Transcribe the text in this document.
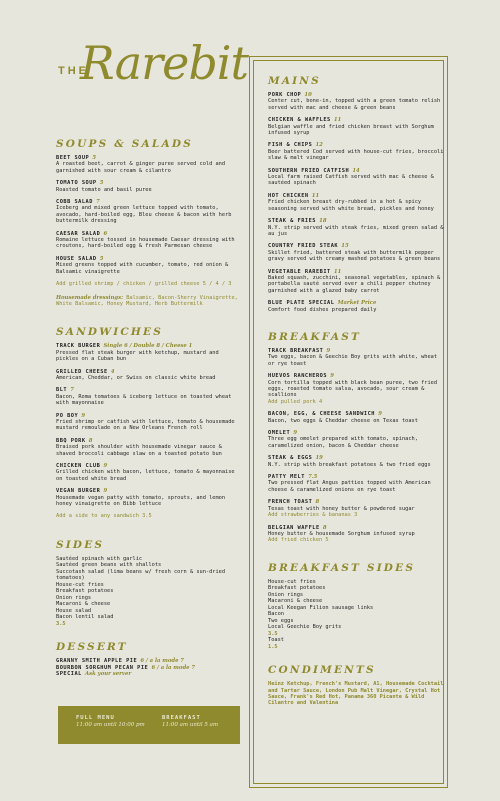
THE
Rarebit
SOUPS & SALADS
BEET SOUP 5
A roasted beet, carrot & ginger puree served cold and garnished with sour cream & cilantro
TOMATO SOUP 5
Roasted tomato and basil puree
COBB SALAD 7
Iceberg and mixed green lettuce topped with tomato, avocado, hard-boiled egg, Bleu cheese & bacon with herb buttermilk dressing
CAESAR SALAD 6
Romaine lettuce tossed in housemade Caesar dressing with croutons, hard-boiled egg & fresh Parmesan cheese
HOUSE SALAD 5
Mixed greens topped with cucumber, tomato, red onion & Balsamic vinaigrette
Add grilled shrimp / chicken / grilled cheese 5 / 4 / 3
Housemade dressings: Balsamic, Bacon-Sherry Vinaigrette, White Balsamic, Honey Mustard, Herb Buttermilk
SANDWICHES
TRACK BURGER Single 6 / Double 8 / Cheese 1
Pressed flat steak burger with ketchup, mustard and pickles on a Cuban bun
GRILLED CHEESE 4
American, Cheddar, or Swiss on classic white bread
BLT 7
Bacon, Roma tomatoes & iceberg lettuce on toasted wheat with mayonnaise
PO BOY 9
Fried shrimp or catfish with lettuce, tomato & housemade mustard remoulade on a New Orleans French roll
BBQ PORK 8
Braised pork shoulder with housemade vinegar sauce & shaved broccoli cabbage slaw on a toasted potato bun
CHICKEN CLUB 9
Grilled chicken with bacon, lettuce, tomato & mayonnaise on toasted white bread
VEGAN BURGER 9
Housemade vegan patty with tomato, sprouts, and lemon honey vinaigrette on Bibb lettuce
Add a side to any sandwich 3.5
SIDES
Sautéed spinach with garlic
Sautéed green beans with shallots
Succotash salad (lima beans w/ fresh corn & sun-dried tomatoes)
House-cut fries
Breakfast potatoes
Onion rings
Macaroni & cheese
House salad
Bacon lentil salad
3.5
DESSERT
GRANNY SMITH APPLE PIE 6 / a la mode 7
BOURBON SORGHUM PECAN PIE 6 / a la mode 7
SPECIAL Ask your server
FULL MENU
11:00 am until 10:00 pm
BREAKFAST
11:00 am until 5 am
MAINS
PORK CHOP 10
Center cut, bone-in, topped with a green tomato relish served with mac and cheese & green beans
CHICKEN & WAFFLES 11
Belgian waffle and fried chicken breast with Sorghum infused syrup
FISH & CHIPS 12
Beer battered Cod served with house-cut fries, broccoli slaw & malt vinegar
SOUTHERN FRIED CATFISH 14
Local farm raised Catfish served with mac & cheese & sautéed spinach
HOT CHICKEN 11
Fried chicken breast dry-rubbed in a hot & spicy seasoning served with white bread, pickles and honey
STEAK & FRIES 18
N.Y. strip served with steak fries, mixed green salad & au jus
COUNTRY FRIED STEAK 15
Skillet fried, battered steak with buttermilk pepper gravy served with creamy mashed potatoes & green beans
VEGETABLE RAREBIT 11
Baked squash, zucchini, seasonal vegetables, spinach & portabella sauté served over a chili pepper chutney garnished with a glazed baby carrot
BLUE PLATE SPECIAL Market Price
Comfort food dishes prepared daily
BREAKFAST
TRACK BREAKFAST 9
Two eggs, bacon & Geechie Boy grits with white, wheat or rye toast
HUEVOS RANCHEROS 9
Corn tortilla topped with black bean puree, two fried eggs, roasted tomato salsa, avocado, sour cream & scallions
Add pulled pork 4
BACON, EGG, & CHEESE SANDWICH 9
Bacon, two eggs & Cheddar cheese on Texas toast
OMELET 9
Three egg omelet prepared with tomato, spinach, caramelized onion, bacon & Cheddar cheese
STEAK & EGGS 19
N.Y. strip with breakfast potatoes & two fried eggs
PATTY MELT 7.5
Two pressed flat Angus patties topped with American cheese & caramelized onions on rye toast
FRENCH TOAST 8
Texas toast with honey butter & powdered sugar
Add strawberries & bananas 3
BELGIAN WAFFLE 8
Honey butter & housemade Sorghum infused syrup
Add fried chicken 5
BREAKFAST SIDES
House-cut fries
Breakfast potatoes
Onion rings
Macaroni & cheese
Local Keegan Filion sausage links
Bacon
Two eggs
Local Geechie Boy grits
3.5
Toast
1.5
CONDIMENTS
Heinz Ketchup, French's Mustard, A1, Housemade Cocktail and Tartar Sauce, London Pub Malt Vinegar, Crystal Hot Sauce, Frank's Red Hot, Panama 360 Picante & Wild Cilantro and Valentina
